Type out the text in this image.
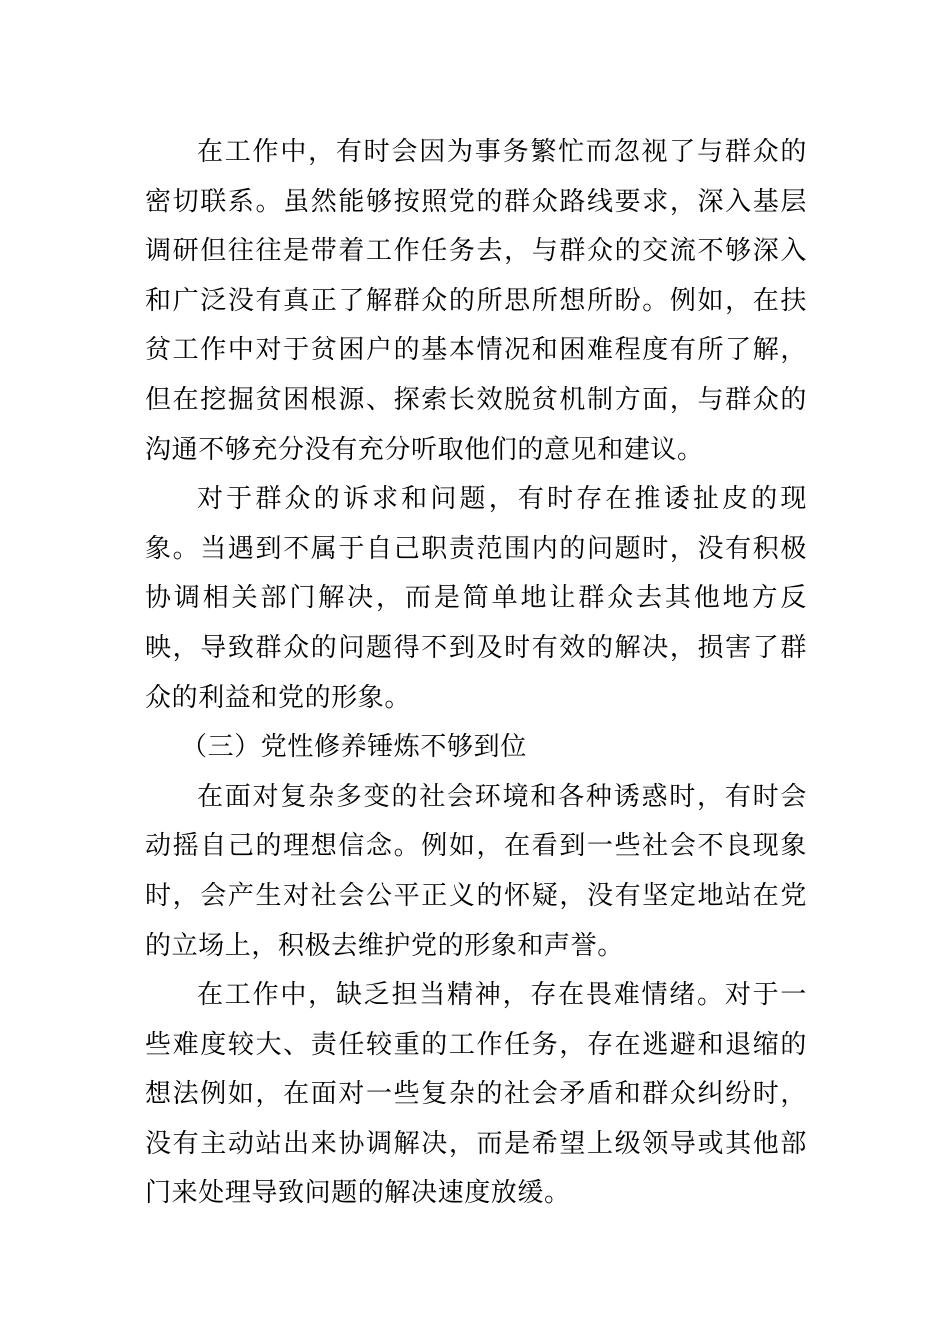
在工作中，有时会因为事务繁忙而忽视了与群众的密切联系。虽然能够按照党的群众路线要求，深入基层调研但往往是带着工作任务去，与群众的交流不够深入和广泛没有真正了解群众的所思所想所盼。例如，在扶贫工作中对于贫困户的基本情况和困难程度有所了解，但在挖掘贫困根源、探索长效脱贫机制方面，与群众的沟通不够充分没有充分听取他们的意见和建议。

对于群众的诉求和问题，有时存在推诿扯皮的现象。当遇到不属于自己职责范围内的问题时，没有积极协调相关部门解决，而是简单地让群众去其他地方反映，导致群众的问题得不到及时有效的解决，损害了群众的利益和党的形象。

（三）党性修养锤炼不够到位

在面对复杂多变的社会环境和各种诱惑时，有时会动摇自己的理想信念。例如，在看到一些社会不良现象时，会产生对社会公平正义的怀疑，没有坚定地站在党的立场上，积极去维护党的形象和声誉。

在工作中，缺乏担当精神，存在畏难情绪。对于一些难度较大、责任较重的工作任务，存在逃避和退缩的想法例如，在面对一些复杂的社会矛盾和群众纠纷时，没有主动站出来协调解决，而是希望上级领导或其他部门来处理导致问题的解决速度放缓。
